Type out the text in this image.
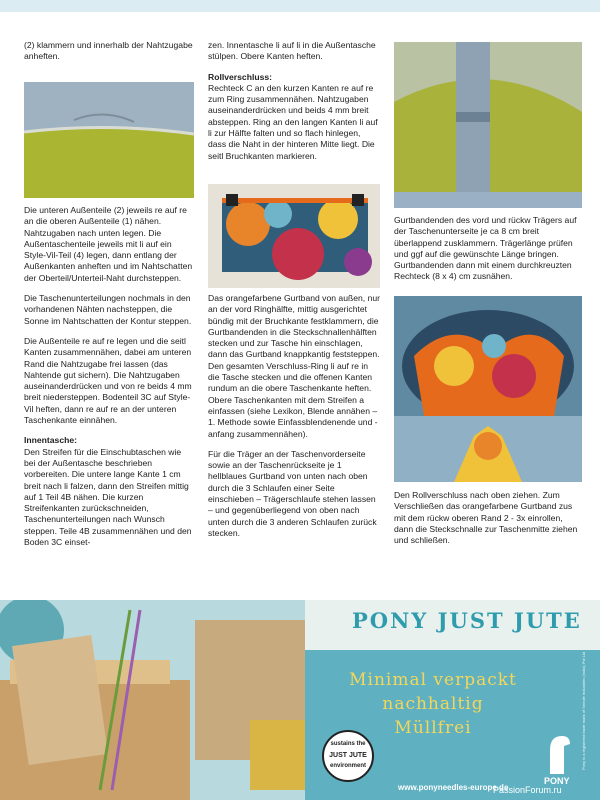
(2) klammern und innerhalb der Nahtzugabe anheften.

Die unteren Außenteile (2) jeweils re auf re an die oberen Außenteile (1) nähen. Nahtzugaben nach unten legen. Die Außentaschenteile jeweils mit li auf ein Style-Vil-Teil (4) legen, dann entlang der Außenkanten anheften und im Nahtschatten der Oberteil/Unterteil-Naht durchsteppen.

Die Taschenunterteilungen nochmals in den vorhandenen Nähten nachsteppen, die Sonne im Nahtschatten der Kontur steppen.

Die Außenteile re auf re legen und die seitl Kanten zusammennähen, dabei am unteren Rand die Nahtzugabe frei lassen (das Nahtende gut sichern). Die Nahtzugaben auseinanderdrücken und von re beids 4 mm breit niedersteppen. Bodenteil 3C auf Style-Vil heften, dann re auf re an der unteren Taschenkante einnähen.

Innentasche:

Den Streifen für die Einschubtaschen wie bei der Außentasche beschrieben vorbereiten. Die untere lange Kante 1 cm breit nach li falzen, dann den Streifen mittig auf 1 Teil 4B nähen. Die kurzen Streifenkanten zurückschneiden, Taschenunterteilungen nach Wunsch steppen. Teile 4B zusammennähen und den Boden 3C einset-

zen. Innentasche li auf li in die Außentasche stülpen. Obere Kanten heften.

Rollverschluss:

Rechteck C an den kurzen Kanten re auf re zum Ring zusammennähen. Nahtzugaben auseinanderdrücken und beids 4 mm breit absteppen. Ring an den langen Kanten li auf li zur Hälfte falten und so flach hinlegen, dass die Naht in der hinteren Mitte liegt. Die seitl Bruchkanten markieren.

Das orangefarbene Gurtband von außen, nur an der vord Ringhälfte, mittig ausgerichtet bündig mit der Bruchkante festklammern, die Gurtbandenden in die Steckschnallenhälften stecken und zur Tasche hin einschlagen, dann das Gurtband knappkantig feststeppen. Den gesamten Verschluss-Ring li auf re in die Tasche stecken und die offenen Kanten rundum an die obere Taschenkante heften. Obere Taschenkanten mit dem Streifen a einfassen (siehe Lexikon, Blende annähen – 1. Methode sowie Einfassblendenende und -anfang zusammennähen).

Für die Träger an der Taschenvorderseite sowie an der Taschenrückseite je 1 hellblaues Gurtband von unten nach oben durch die 3 Schlaufen einer Seite einschieben – Trägerschlaufe stehen lassen – und gegenüberliegend von oben nach unten durch die 3 anderen Schlaufen zurück stecken.

Gurtbandenden des vord und rückw Trägers auf der Taschenunterseite je ca 8 cm breit überlappend zusklammern. Trägerlänge prüfen und ggf auf die gewünschte Länge bringen. Gurtbandenden dann mit einem durchkreuzten Rechteck (8 x 4) cm zusnähen.

Den Rollverschluss nach oben ziehen. Zum Verschließen das orangefarbene Gurtband zus mit dem rückw oberen Rand 2 - 3x einrollen, dann die Steckschnalle zur Taschenmitte ziehen und schließen.

PONY JUST JUTE
Minimal verpackt
nachhaltig
Müllfrei
sustains the
JUST JUTE
environment
www.ponyneedles-europe.de
PONY
Pony is a registered trade mark of Needle Industries (India) Pvt Ltd
PassionForum.ru
